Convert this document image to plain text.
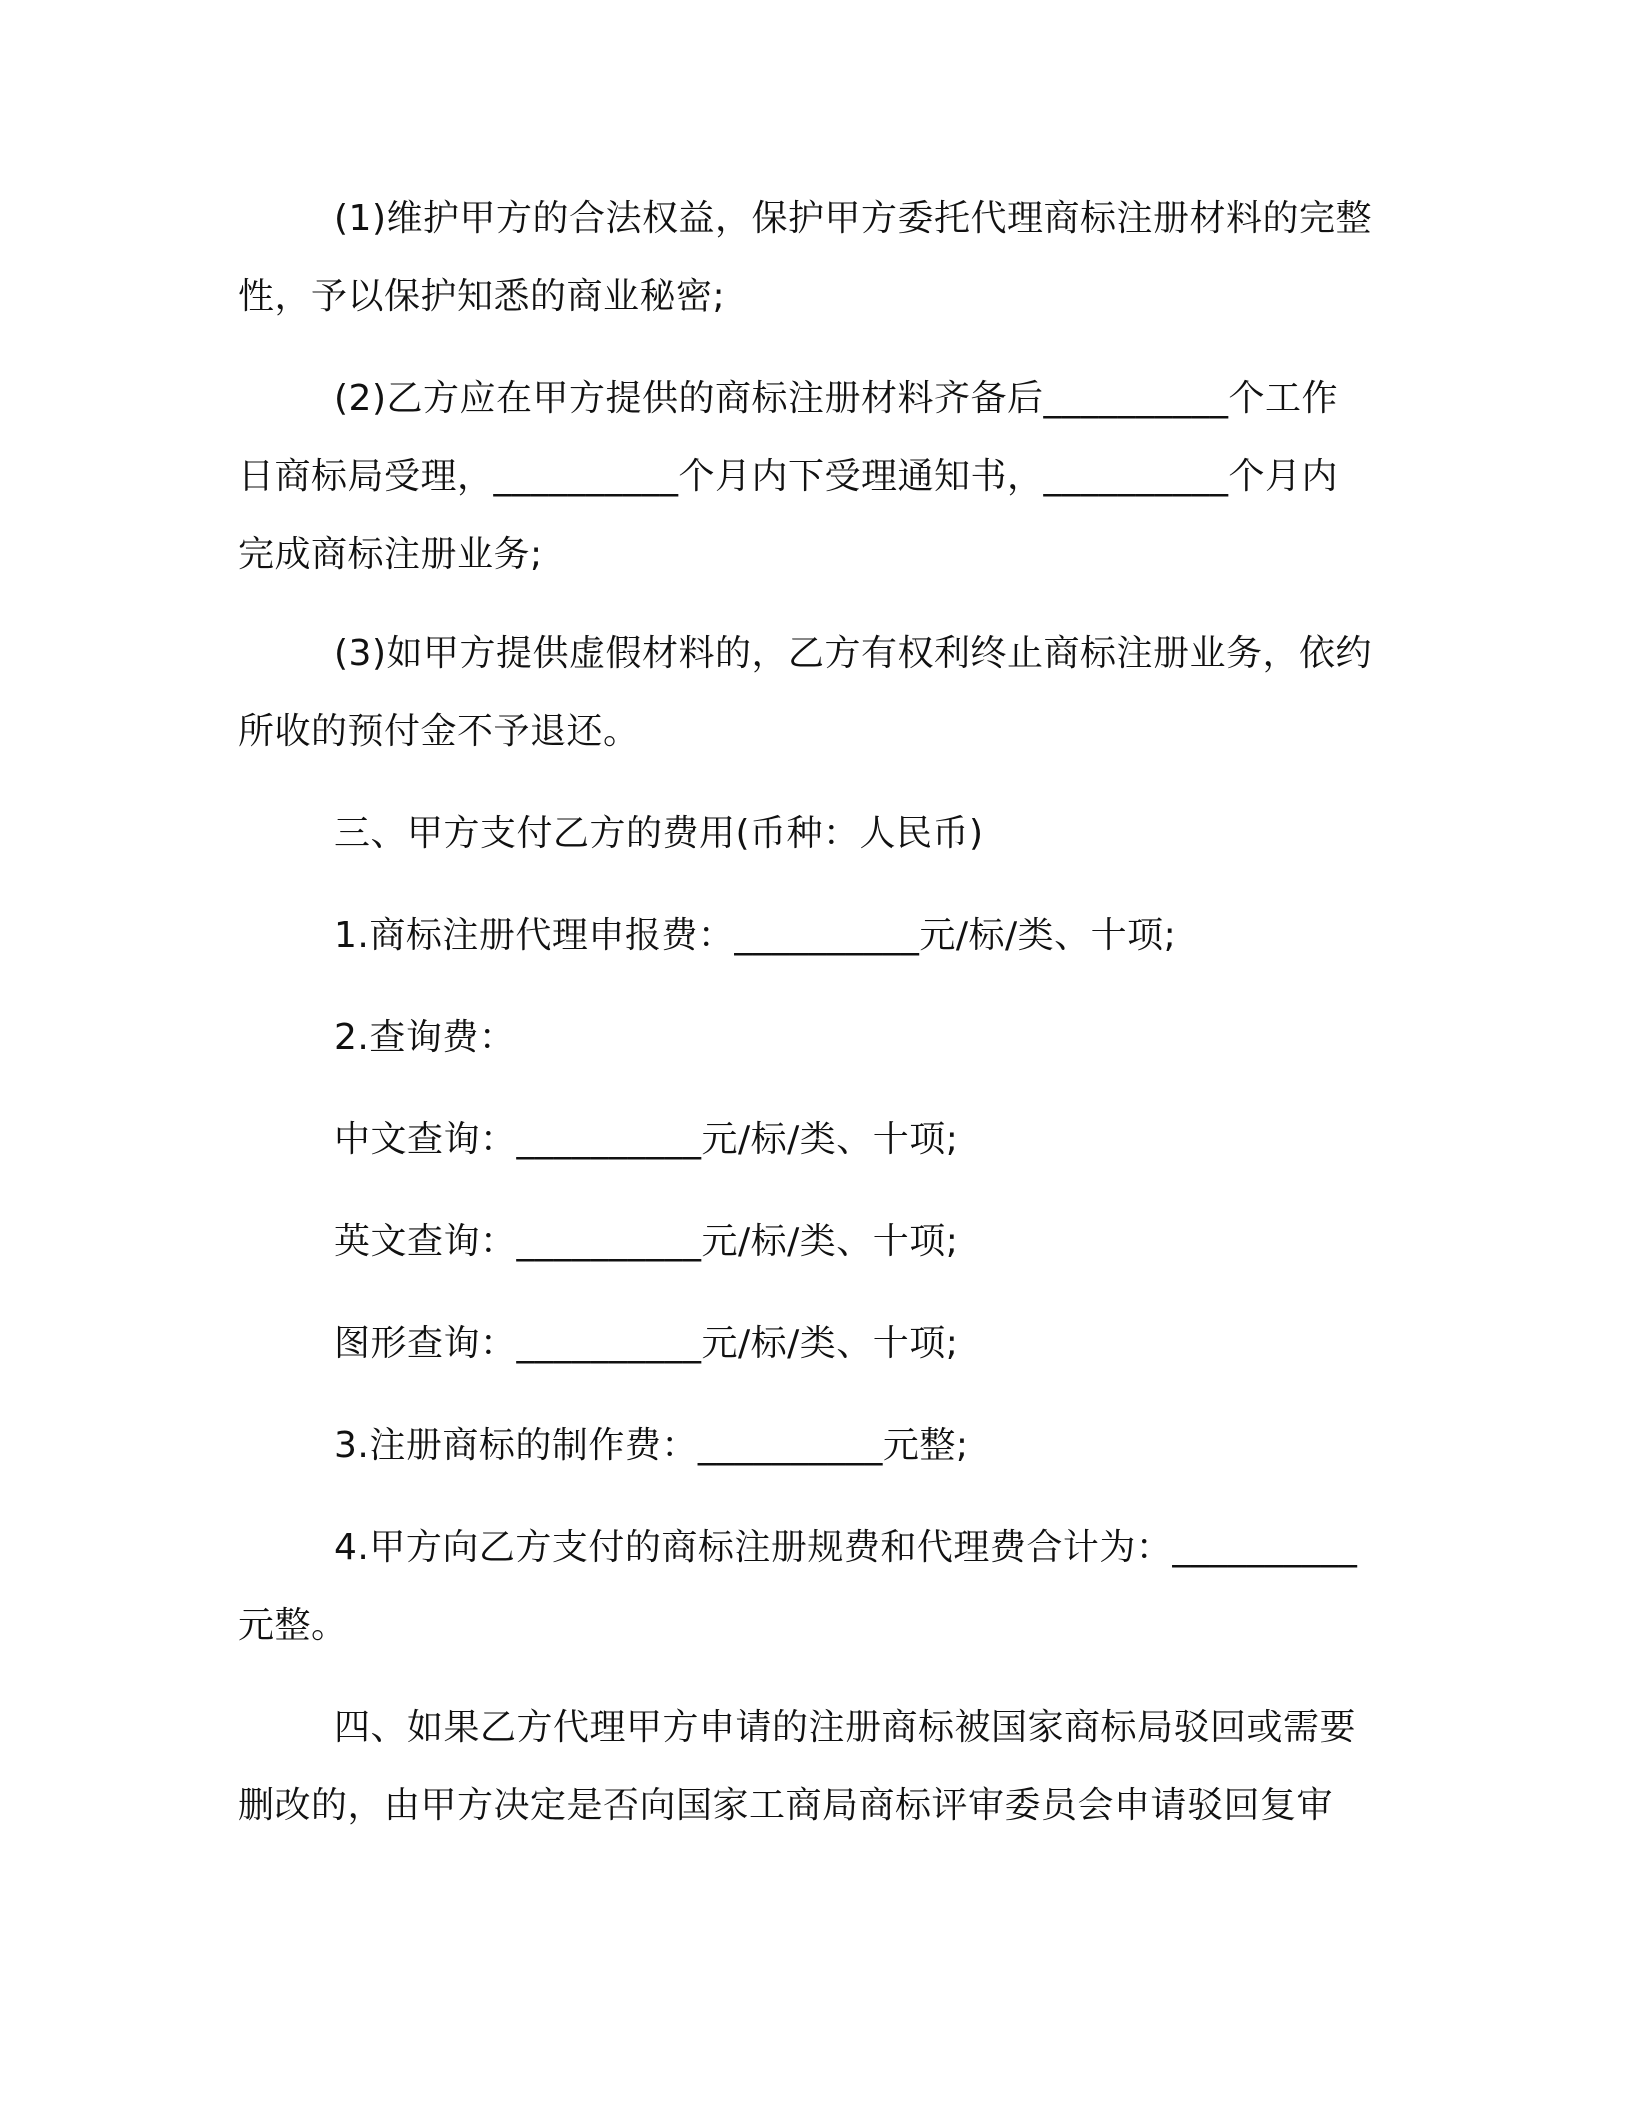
(1)维护甲方的合法权益，保护甲方委托代理商标注册材料的完整
性，予以保护知悉的商业秘密;
(2)乙方应在甲方提供的商标注册材料齐备后__________个工作
日商标局受理，__________个月内下受理通知书，__________个月内
完成商标注册业务;
(3)如甲方提供虚假材料的，乙方有权利终止商标注册业务，依约
所收的预付金不予退还。
三、甲方支付乙方的费用(币种：人民币)
1.商标注册代理申报费：__________元/标/类、十项;
2.查询费：
中文查询：__________元/标/类、十项;
英文查询：__________元/标/类、十项;
图形查询：__________元/标/类、十项;
3.注册商标的制作费：__________元整;
4.甲方向乙方支付的商标注册规费和代理费合计为：__________
元整。
四、如果乙方代理甲方申请的注册商标被国家商标局驳回或需要
删改的，由甲方决定是否向国家工商局商标评审委员会申请驳回复审
